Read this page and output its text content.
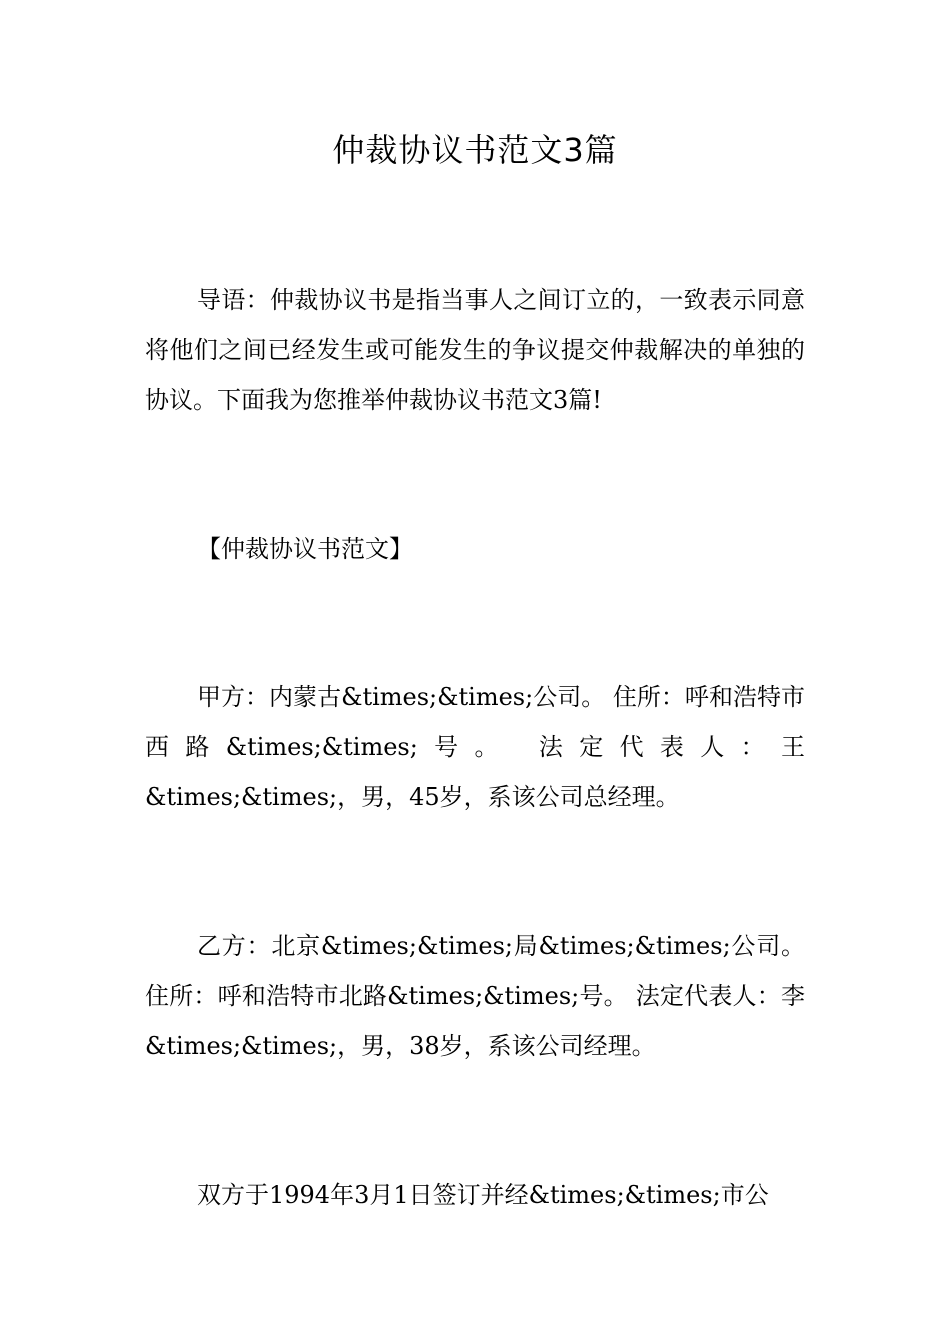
仲裁协议书范文3篇

导语：仲裁协议书是指当事人之间订立的，一致表示同意将他们之间已经发生或可能发生的争议提交仲裁解决的单独的协议。下面我为您推举仲裁协议书范文3篇!

【仲裁协议书范文】

甲方：内蒙古&times;&times;公司。 住所：呼和浩特市西路&times;&times;号。 法定代表人：王&times;&times;，男，45岁，系该公司总经理。

乙方：北京&times;&times;局&times;&times;公司。 住所：呼和浩特市北路&times;&times;号。 法定代表人：李&times;&times;，男，38岁，系该公司经理。

双方于1994年3月1日签订并经&times;&times;市公
